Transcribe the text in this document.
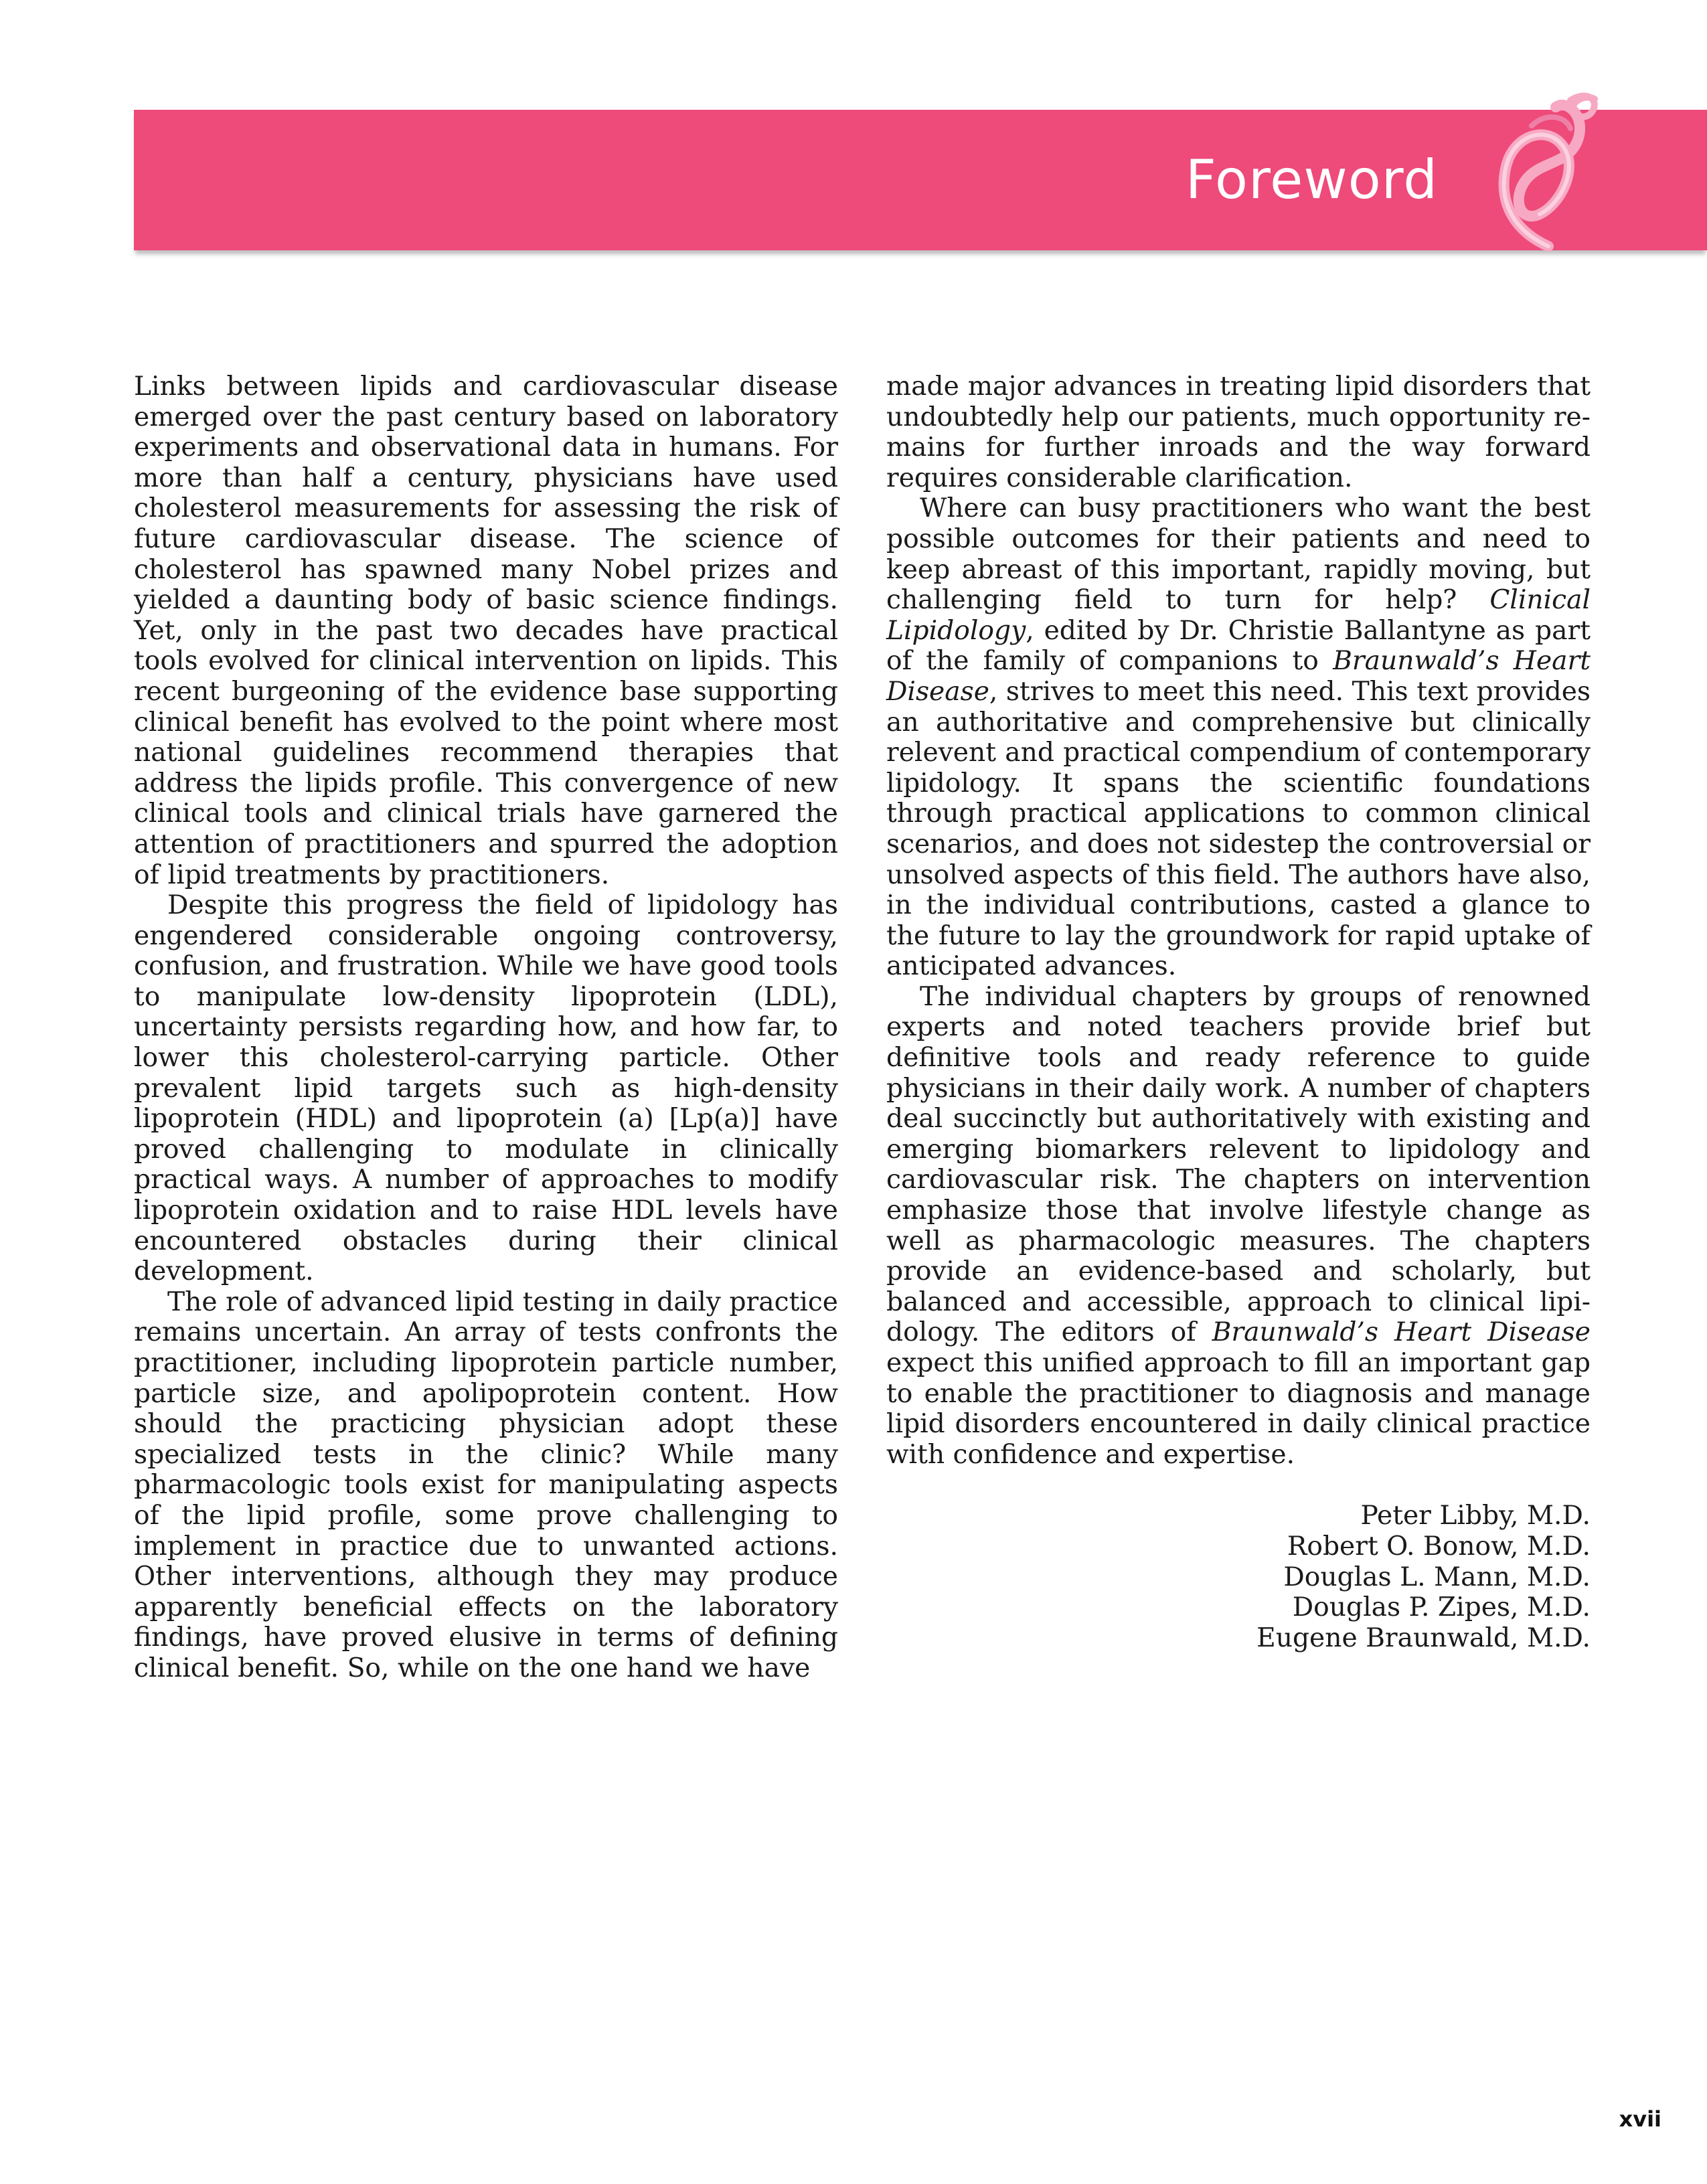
Foreword

Links between lipids and cardiovascular disease emerged over the past century based on laboratory experiments and observational data in humans. For more than half a century, physicians have used cholesterol measurements for assessing the risk of future cardiovascular disease. The science of cholesterol has spawned many Nobel prizes and yielded a daunting body of basic science findings. Yet, only in the past two decades have practical tools evolved for clinical intervention on lipids. This recent burgeoning of the evidence base supporting clinical benefit has evolved to the point where most national guidelines recommend therapies that address the lipids profile. This convergence of new clinical tools and clinical trials have garnered the attention of practitioners and spurred the adoption of lipid treatments by practitioners.

Despite this progress the field of lipidology has engendered considerable ongoing controversy, confusion, and frustration. While we have good tools to manipulate low-density lipoprotein (LDL), uncertainty persists regarding how, and how far, to lower this cholesterol-carrying particle. Other prevalent lipid targets such as high-density lipoprotein (HDL) and lipoprotein (a) [Lp(a)] have proved challenging to modulate in clinically practical ways. A number of approaches to modify lipoprotein oxidation and to raise HDL levels have encountered obstacles during their clinical development.

The role of advanced lipid testing in daily practice remains uncertain. An array of tests confronts the practitioner, including lipoprotein particle number, particle size, and apolipoprotein content. How should the practicing physician adopt these specialized tests in the clinic? While many pharmacologic tools exist for manipulating aspects of the lipid profile, some prove challenging to implement in practice due to unwanted actions. Other interventions, although they may produce apparently beneficial effects on the laboratory findings, have proved elusive in terms of defining clinical benefit. So, while on the one hand we have

made major advances in treating lipid disorders that undoubtedly help our patients, much opportunity remains for further inroads and the way forward requires considerable clarification.

Where can busy practitioners who want the best possible outcomes for their patients and need to keep abreast of this important, rapidly moving, but challenging field to turn for help? Clinical Lipidology, edited by Dr. Christie Ballantyne as part of the family of companions to Braunwald’s Heart Disease, strives to meet this need. This text provides an authoritative and comprehensive but clinically relevent and practical compendium of contemporary lipidology. It spans the scientific foundations through practical applications to common clinical scenarios, and does not sidestep the controversial or unsolved aspects of this field. The authors have also, in the individual contributions, casted a glance to the future to lay the groundwork for rapid uptake of anticipated advances.

The individual chapters by groups of renowned experts and noted teachers provide brief but definitive tools and ready reference to guide physicians in their daily work. A number of chapters deal succinctly but authoritatively with existing and emerging biomarkers relevent to lipidology and cardiovascular risk. The chapters on intervention emphasize those that involve lifestyle change as well as pharmacologic measures. The chapters provide an evidence-based and scholarly, but balanced and accessible, approach to clinical lipidology. The editors of Braunwald’s Heart Disease expect this unified approach to fill an important gap to enable the practitioner to diagnosis and manage lipid disorders encountered in daily clinical practice with confidence and expertise.

Peter Libby, M.D.
Robert O. Bonow, M.D.
Douglas L. Mann, M.D.
Douglas P. Zipes, M.D.
Eugene Braunwald, M.D.
xvii
